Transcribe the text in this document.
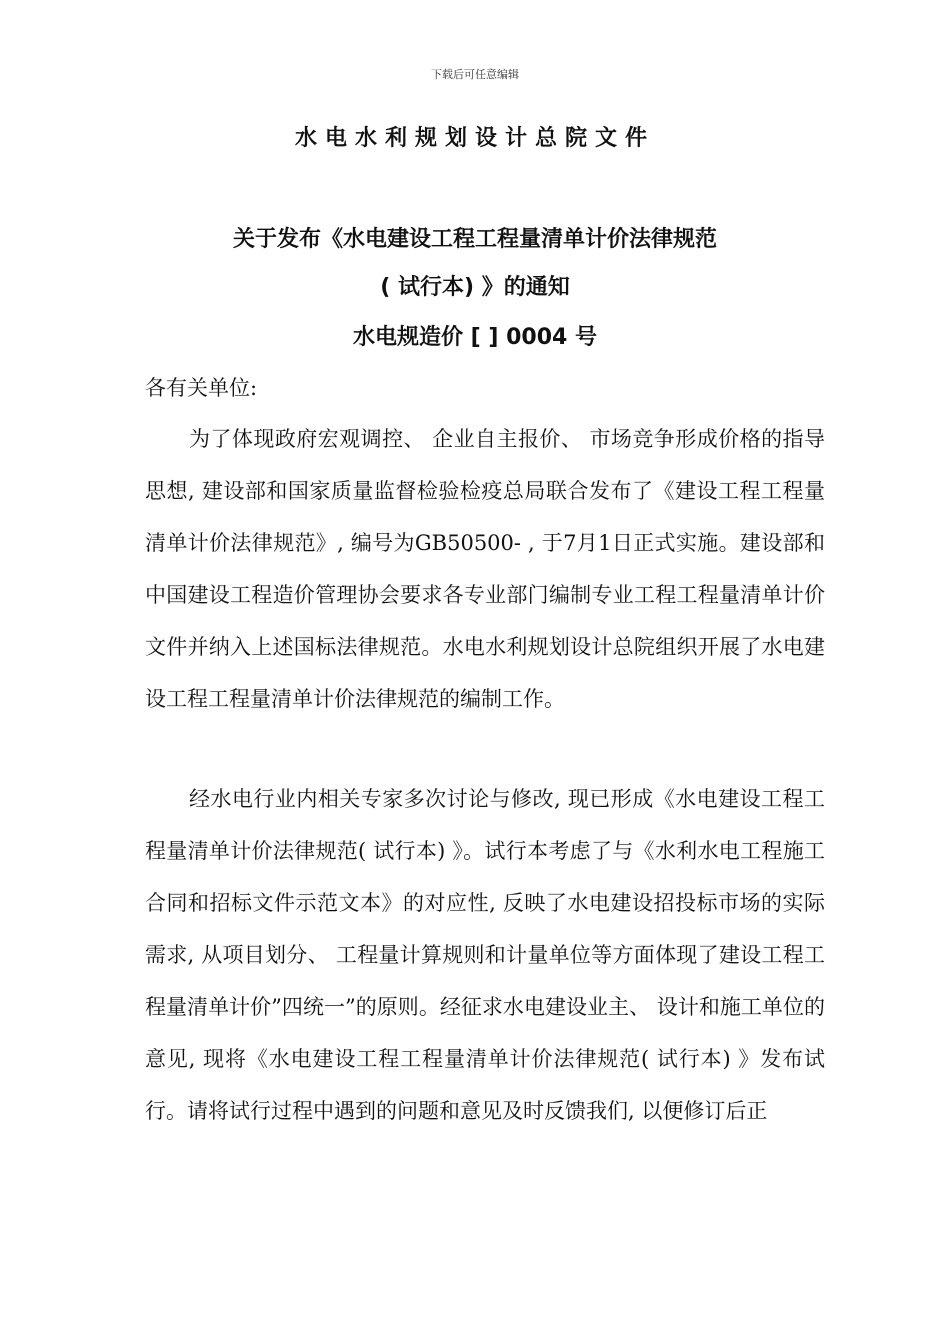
下载后可任意编辑
水电水利规划设计总院文件
关于发布《水电建设工程工程量清单计价法律规范
( 试行本) 》的通知
水电规造价 [ ] 0004 号
各有关单位:

为了体现政府宏观调控、 企业自主报价、 市场竞争形成价格的指导思想, 建设部和国家质量监督检验检疫总局联合发布了《建设工程工程量清单计价法律规范》, 编号为GB50500- , 于7月1日正式实施。建设部和中国建设工程造价管理协会要求各专业部门编制专业工程工程量清单计价文件并纳入上述国标法律规范。水电水利规划设计总院组织开展了水电建设工程工程量清单计价法律规范的编制工作。

经水电行业内相关专家多次讨论与修改, 现已形成《水电建设工程工程量清单计价法律规范( 试行本) 》。试行本考虑了与《水利水电工程施工合同和招标文件示范文本》的对应性, 反映了水电建设招投标市场的实际需求, 从项目划分、 工程量计算规则和计量单位等方面体现了建设工程工程量清单计价”四统一”的原则。经征求水电建设业主、 设计和施工单位的意见, 现将《水电建设工程工程量清单计价法律规范( 试行本) 》发布试行。请将试行过程中遇到的问题和意见及时反馈我们, 以便修订后正
